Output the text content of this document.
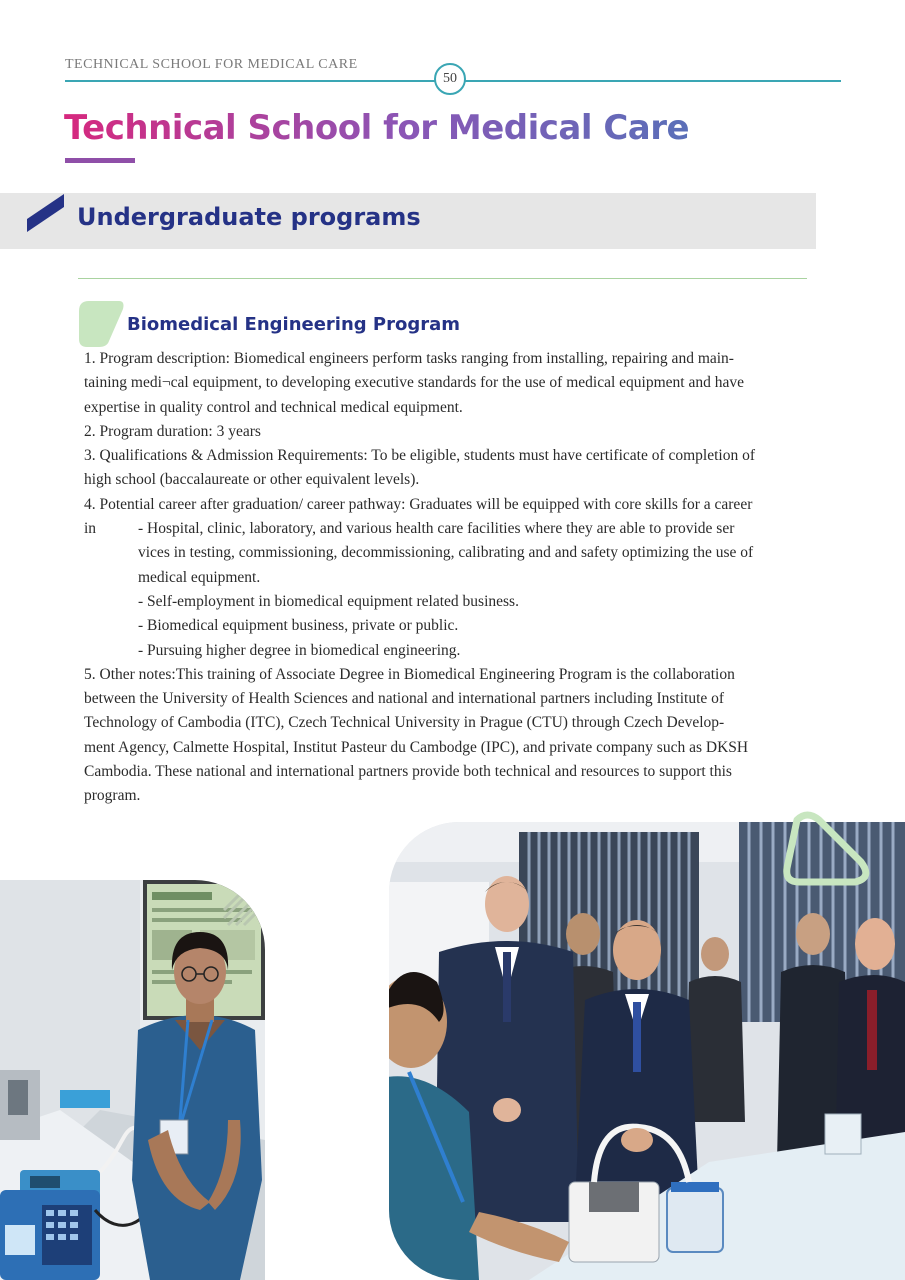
TECHNICAL SCHOOL FOR MEDICAL CARE
50
Technical School for Medical Care
Undergraduate programs
Biomedical Engineering Program

1. Program description: Biomedical engineers perform tasks ranging from installing, repairing and main-

taining medi¬cal equipment, to developing executive standards for the use of medical equipment and have

expertise in quality control and technical medical equipment.

2. Program duration: 3 years

3. Qualifications & Admission Requirements: To be eligible, students must have certificate of completion of

high school (baccalaureate or other equivalent levels).

4. Potential career after graduation/ career pathway: Graduates will be equipped with core skills for a career

in	- Hospital, clinic, laboratory, and various health care facilities where they are able to provide ser

vices in testing, commissioning, decommissioning, calibrating and and safety optimizing the use of

medical equipment.

- Self-employment in biomedical equipment related business.

- Biomedical equipment business, private or public.

- Pursuing higher degree in biomedical engineering.

5. Other notes:This training of Associate Degree in Biomedical Engineering Program is the collaboration

between the University of Health Sciences and national and international partners including Institute of

Technology of Cambodia (ITC), Czech Technical University in Prague (CTU) through Czech Develop-

ment Agency, Calmette Hospital, Institut Pasteur du Cambodge (IPC), and private company such as DKSH

Cambodia. These national and international partners provide both technical and resources to support this

program.
